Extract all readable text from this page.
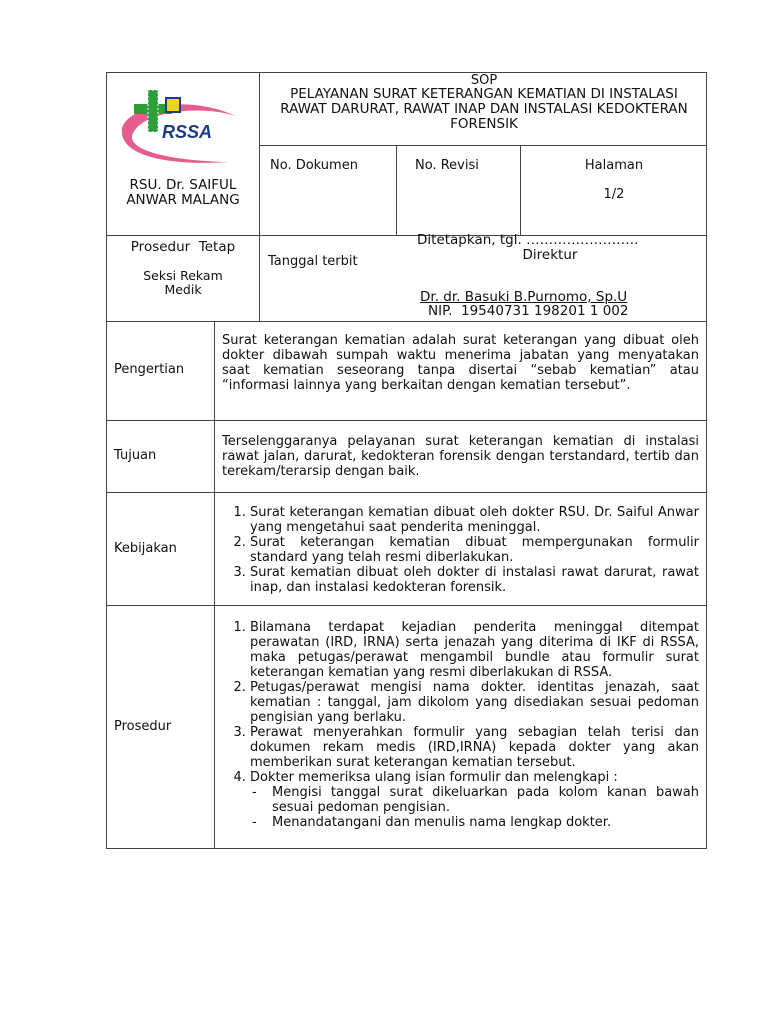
RSSA
RSU. Dr. SAIFUL ANWAR MALANG
SOP
PELAYANAN SURAT KETERANGAN KEMATIAN DI INSTALASI RAWAT DARURAT, RAWAT INAP DAN INSTALASI KEDOKTERAN FORENSIK
No. Dokumen	No. Revisi	Halaman
1/2
Prosedur  Tetap
Seksi Rekam Medik
Tanggal terbit
Ditetapkan, tgl. …………………….
Direktur
Dr. dr. Basuki B.Purnomo, Sp.U
NIP.  19540731 198201 1 002
Pengertian
Surat keterangan kematian adalah surat keterangan yang dibuat oleh dokter dibawah sumpah waktu menerima jabatan yang menyatakan saat kematian seseorang tanpa disertai “sebab kematian” atau “informasi lainnya yang berkaitan dengan kematian tersebut”.
Tujuan
Terselenggaranya pelayanan surat keterangan kematian di instalasi rawat jalan, darurat, kedokteran forensik dengan terstandard, tertib dan terekam/terarsip dengan baik.
Kebijakan
1. Surat keterangan kematian dibuat oleh dokter RSU. Dr. Saiful Anwar yang mengetahui saat penderita meninggal.
2. Surat keterangan kematian dibuat mempergunakan formulir standard yang telah resmi diberlakukan.
3. Surat kematian dibuat oleh dokter di instalasi rawat darurat, rawat inap, dan instalasi kedokteran forensik.
Prosedur
1. Bilamana terdapat kejadian penderita meninggal ditempat perawatan (IRD, IRNA) serta jenazah yang diterima di IKF di RSSA, maka petugas/perawat mengambil bundle atau formulir surat keterangan kematian yang resmi diberlakukan di RSSA.
2. Petugas/perawat mengisi nama dokter. identitas jenazah, saat kematian : tanggal, jam dikolom yang disediakan sesuai pedoman pengisian yang berlaku.
3. Perawat menyerahkan formulir yang sebagian telah terisi dan dokumen rekam medis (IRD,IRNA) kepada dokter yang akan memberikan surat keterangan kematian tersebut.
4. Dokter memeriksa ulang isian formulir dan melengkapi :
- Mengisi tanggal surat dikeluarkan pada kolom kanan bawah sesuai pedoman pengisian.
- Menandatangani dan menulis nama lengkap dokter.
